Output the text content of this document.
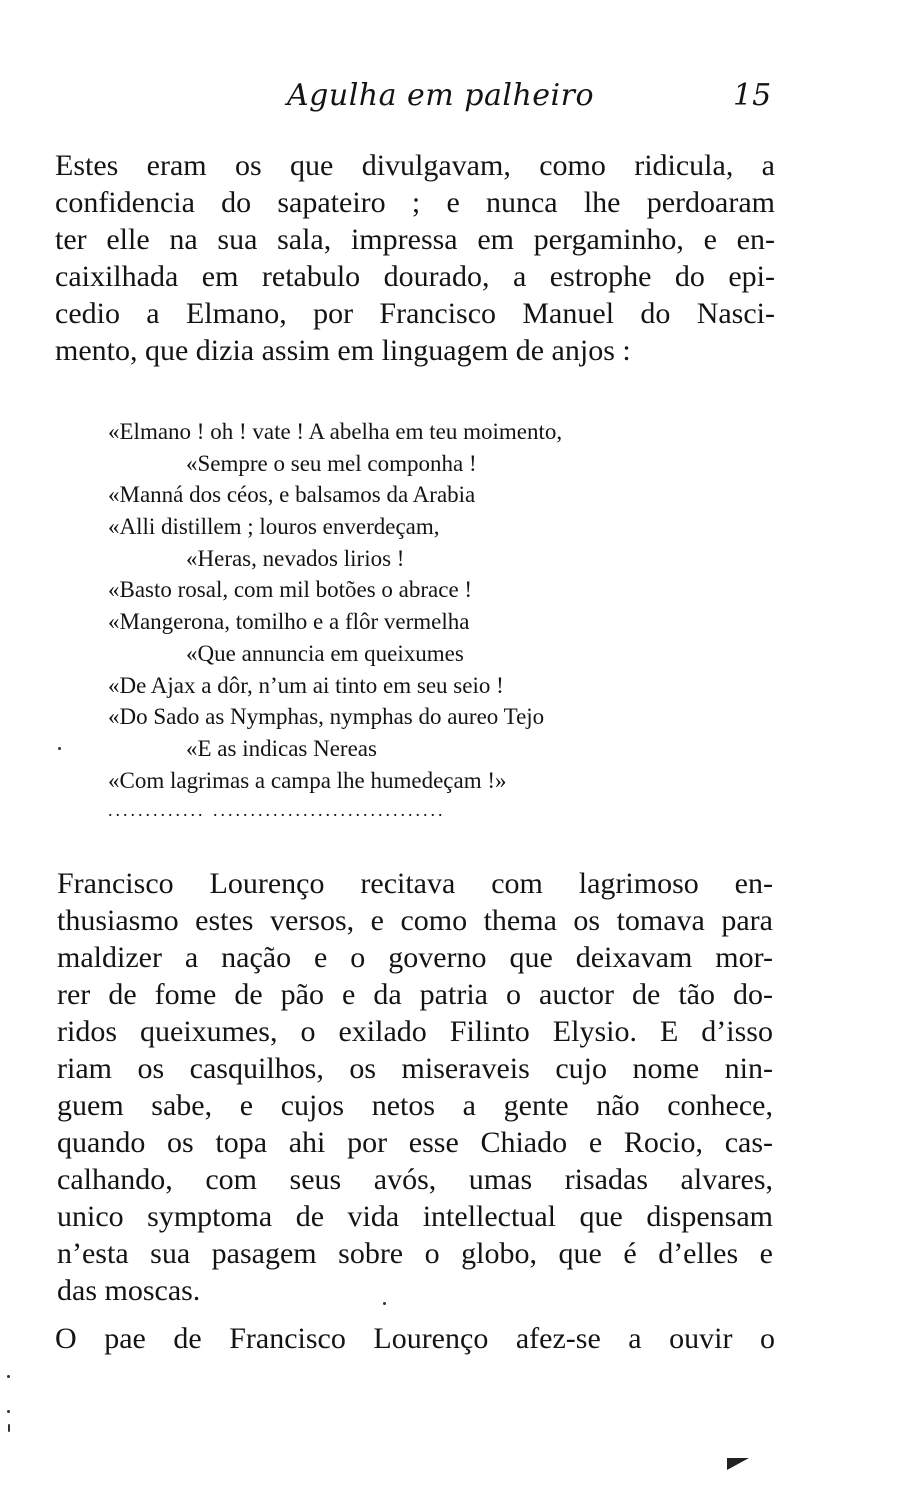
Agulha em palheiro	15
Estes eram os que divulgavam, como ridicula, a
confidencia do sapateiro ; e nunca lhe perdoaram
ter elle na sua sala, impressa em pergaminho, e en-
caixilhada em retabulo dourado, a estrophe do epi-
cedio a Elmano, por Francisco Manuel do Nasci-
mento, que dizia assim em linguagem de anjos :
«Elmano ! oh ! vate ! A abelha em teu moimento,
«Sempre o seu mel componha !
«Manná dos céos, e balsamos da Arabia
«Alli distillem ; louros enverdeçam,
«Heras, nevados lirios !
«Basto rosal, com mil botões o abrace !
«Mangerona, tomilho e a flôr vermelha
«Que annuncia em queixumes
«De Ajax a dôr, n’um ai tinto em seu seio !
«Do Sado as Nymphas, nymphas do aureo Tejo
«E as indicas Nereas
«Com lagrimas a campa lhe humedeçam !»
............. ...............................
Francisco Lourenço recitava com lagrimoso en-
thusiasmo estes versos, e como thema os tomava para
maldizer a nação e o governo que deixavam mor-
rer de fome de pão e da patria o auctor de tão do-
ridos queixumes, o exilado Filinto Elysio. E d’isso
riam os casquilhos, os miseraveis cujo nome nin-
guem sabe, e cujos netos a gente não conhece,
quando os topa ahi por esse Chiado e Rocio, cas-
calhando, com seus avós, umas risadas alvares,
unico symptoma de vida intellectual que dispensam
n’esta sua pasagem sobre o globo, que é d’elles e
das moscas.
O pae de Francisco Lourenço afez-se a ouvir o
